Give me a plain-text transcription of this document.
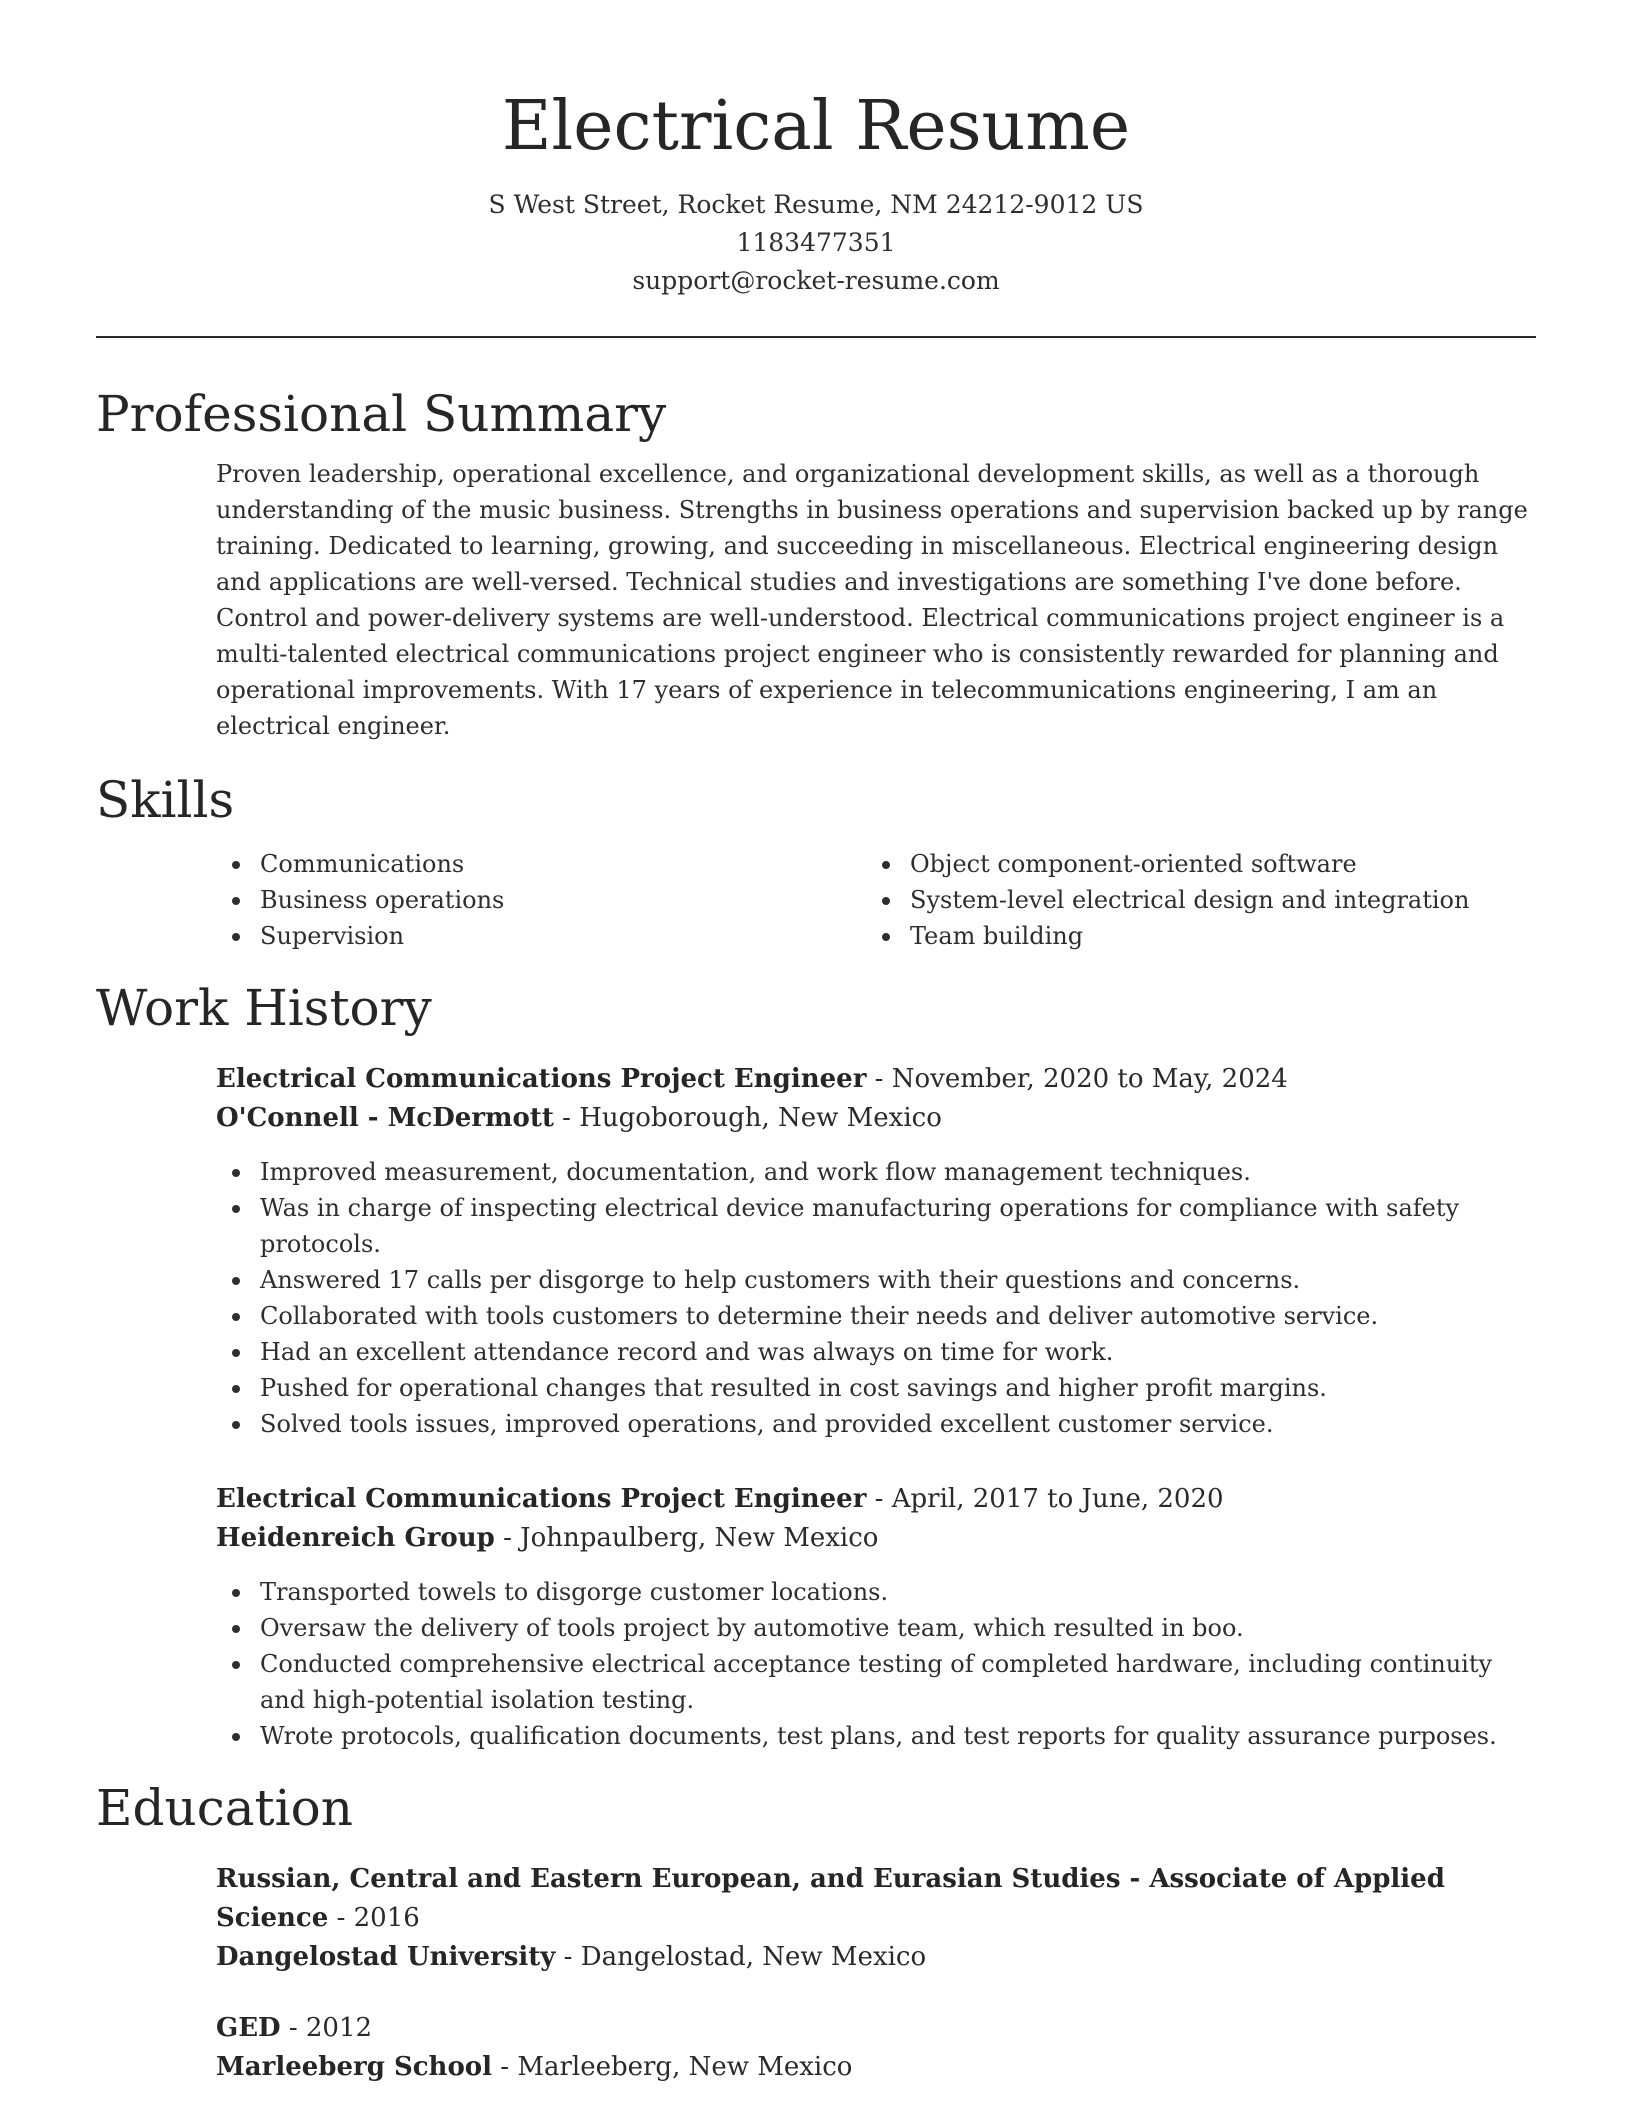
Electrical Resume
S West Street, Rocket Resume, NM 24212-9012 US
1183477351
support@rocket-resume.com
Professional Summary
Proven leadership, operational excellence, and organizational development skills, as well as a thorough understanding of the music business. Strengths in business operations and supervision backed up by range training. Dedicated to learning, growing, and succeeding in miscellaneous. Electrical engineering design and applications are well-versed. Technical studies and investigations are something I've done before. Control and power-delivery systems are well-understood. Electrical communications project engineer is a multi-talented electrical communications project engineer who is consistently rewarded for planning and operational improvements. With 17 years of experience in telecommunications engineering, I am an electrical engineer.
Skills
Communications
Business operations
Supervision
Object component-oriented software
System-level electrical design and integration
Team building
Work History
Electrical Communications Project Engineer - November, 2020 to May, 2024
O'Connell - McDermott - Hugoborough, New Mexico
Improved measurement, documentation, and work flow management techniques.
Was in charge of inspecting electrical device manufacturing operations for compliance with safety protocols.
Answered 17 calls per disgorge to help customers with their questions and concerns.
Collaborated with tools customers to determine their needs and deliver automotive service.
Had an excellent attendance record and was always on time for work.
Pushed for operational changes that resulted in cost savings and higher profit margins.
Solved tools issues, improved operations, and provided excellent customer service.
Electrical Communications Project Engineer - April, 2017 to June, 2020
Heidenreich Group - Johnpaulberg, New Mexico
Transported towels to disgorge customer locations.
Oversaw the delivery of tools project by automotive team, which resulted in boo.
Conducted comprehensive electrical acceptance testing of completed hardware, including continuity and high-potential isolation testing.
Wrote protocols, qualification documents, test plans, and test reports for quality assurance purposes.
Education
Russian, Central and Eastern European, and Eurasian Studies - Associate of Applied Science - 2016
Dangelostad University - Dangelostad, New Mexico
GED - 2012
Marleeberg School - Marleeberg, New Mexico
